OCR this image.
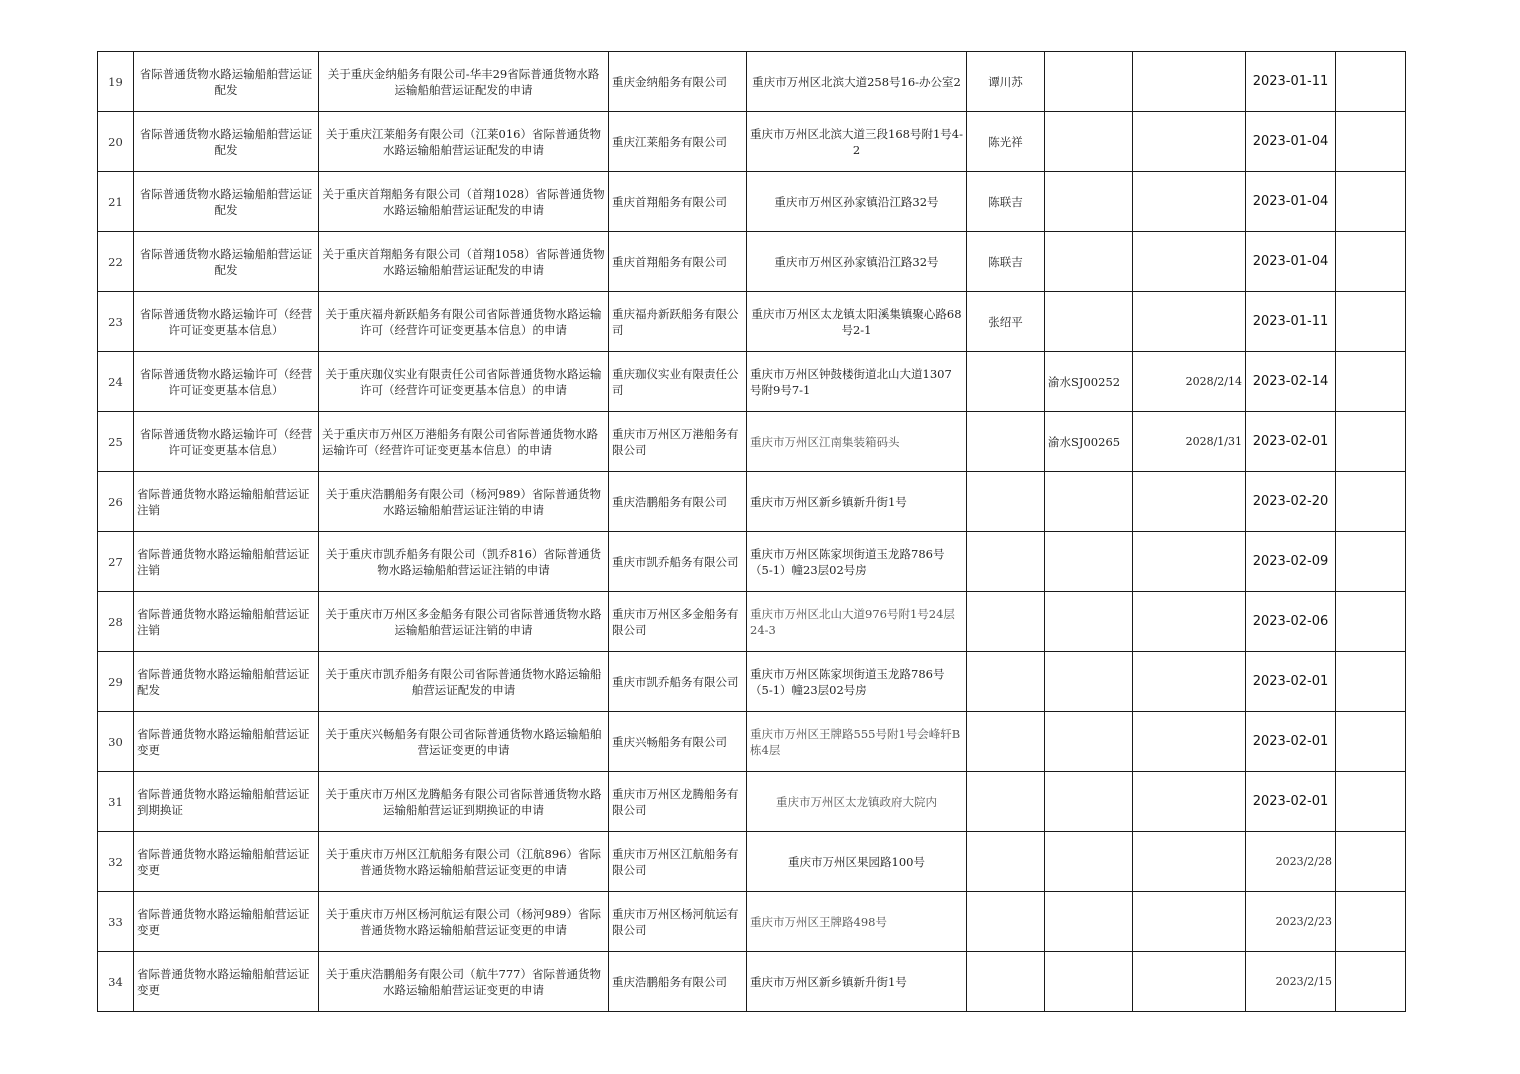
19	省际普通货物水路运输船舶营运证配发	关于重庆金纳船务有限公司-华丰29省际普通货物水路运输船舶营运证配发的申请	重庆金纳船务有限公司	重庆市万州区北滨大道258号16-办公室2	谭川苏			2023-01-11	
20	省际普通货物水路运输船舶营运证配发	关于重庆江莱船务有限公司（江莱016）省际普通货物水路运输船舶营运证配发的申请	重庆江莱船务有限公司	重庆市万州区北滨大道三段168号附1号4-2	陈光祥			2023-01-04	
21	省际普通货物水路运输船舶营运证配发	关于重庆首翔船务有限公司（首翔1028）省际普通货物水路运输船舶营运证配发的申请	重庆首翔船务有限公司	重庆市万州区孙家镇沿江路32号	陈联吉			2023-01-04	
22	省际普通货物水路运输船舶营运证配发	关于重庆首翔船务有限公司（首翔1058）省际普通货物水路运输船舶营运证配发的申请	重庆首翔船务有限公司	重庆市万州区孙家镇沿江路32号	陈联吉			2023-01-04	
23	省际普通货物水路运输许可（经营许可证变更基本信息）	关于重庆福舟新跃船务有限公司省际普通货物水路运输许可（经营许可证变更基本信息）的申请	重庆福舟新跃船务有限公司	重庆市万州区太龙镇太阳溪集镇聚心路68号2-1	张绍平			2023-01-11	
24	省际普通货物水路运输许可（经营许可证变更基本信息）	关于重庆珈仪实业有限责任公司省际普通货物水路运输许可（经营许可证变更基本信息）的申请	重庆珈仪实业有限责任公司	重庆市万州区钟鼓楼街道北山大道1307号附9号7-1		渝水SJ00252	2028/2/14	2023-02-14	
25	省际普通货物水路运输许可（经营许可证变更基本信息）	关于重庆市万州区万港船务有限公司省际普通货物水路运输许可（经营许可证变更基本信息）的申请	重庆市万州区万港船务有限公司	重庆市万州区江南集装箱码头		渝水SJ00265	2028/1/31	2023-02-01	
26	省际普通货物水路运输船舶营运证注销	关于重庆浩鹏船务有限公司（杨河989）省际普通货物水路运输船舶营运证注销的申请	重庆浩鹏船务有限公司	重庆市万州区新乡镇新升街1号				2023-02-20	
27	省际普通货物水路运输船舶营运证注销	关于重庆市凯乔船务有限公司（凯乔816）省际普通货物水路运输船舶营运证注销的申请	重庆市凯乔船务有限公司	重庆市万州区陈家坝街道玉龙路786号（5-1）幢23层02号房				2023-02-09	
28	省际普通货物水路运输船舶营运证注销	关于重庆市万州区多金船务有限公司省际普通货物水路运输船舶营运证注销的申请	重庆市万州区多金船务有限公司	重庆市万州区北山大道976号附1号24层24-3				2023-02-06	
29	省际普通货物水路运输船舶营运证配发	关于重庆市凯乔船务有限公司省际普通货物水路运输船舶营运证配发的申请	重庆市凯乔船务有限公司	重庆市万州区陈家坝街道玉龙路786号（5-1）幢23层02号房				2023-02-01	
30	省际普通货物水路运输船舶营运证变更	关于重庆兴畅船务有限公司省际普通货物水路运输船舶营运证变更的申请	重庆兴畅船务有限公司	重庆市万州区王牌路555号附1号会峰轩B栋4层				2023-02-01	
31	省际普通货物水路运输船舶营运证到期换证	关于重庆市万州区龙腾船务有限公司省际普通货物水路运输船舶营运证到期换证的申请	重庆市万州区龙腾船务有限公司	重庆市万州区太龙镇政府大院内				2023-02-01	
32	省际普通货物水路运输船舶营运证变更	关于重庆市万州区江航船务有限公司（江航896）省际普通货物水路运输船舶营运证变更的申请	重庆市万州区江航船务有限公司	重庆市万州区果园路100号				2023/2/28	
33	省际普通货物水路运输船舶营运证变更	关于重庆市万州区杨河航运有限公司（杨河989）省际普通货物水路运输船舶营运证变更的申请	重庆市万州区杨河航运有限公司	重庆市万州区王牌路498号				2023/2/23	
34	省际普通货物水路运输船舶营运证变更	关于重庆浩鹏船务有限公司（航牛777）省际普通货物水路运输船舶营运证变更的申请	重庆浩鹏船务有限公司	重庆市万州区新乡镇新升街1号				2023/2/15	
